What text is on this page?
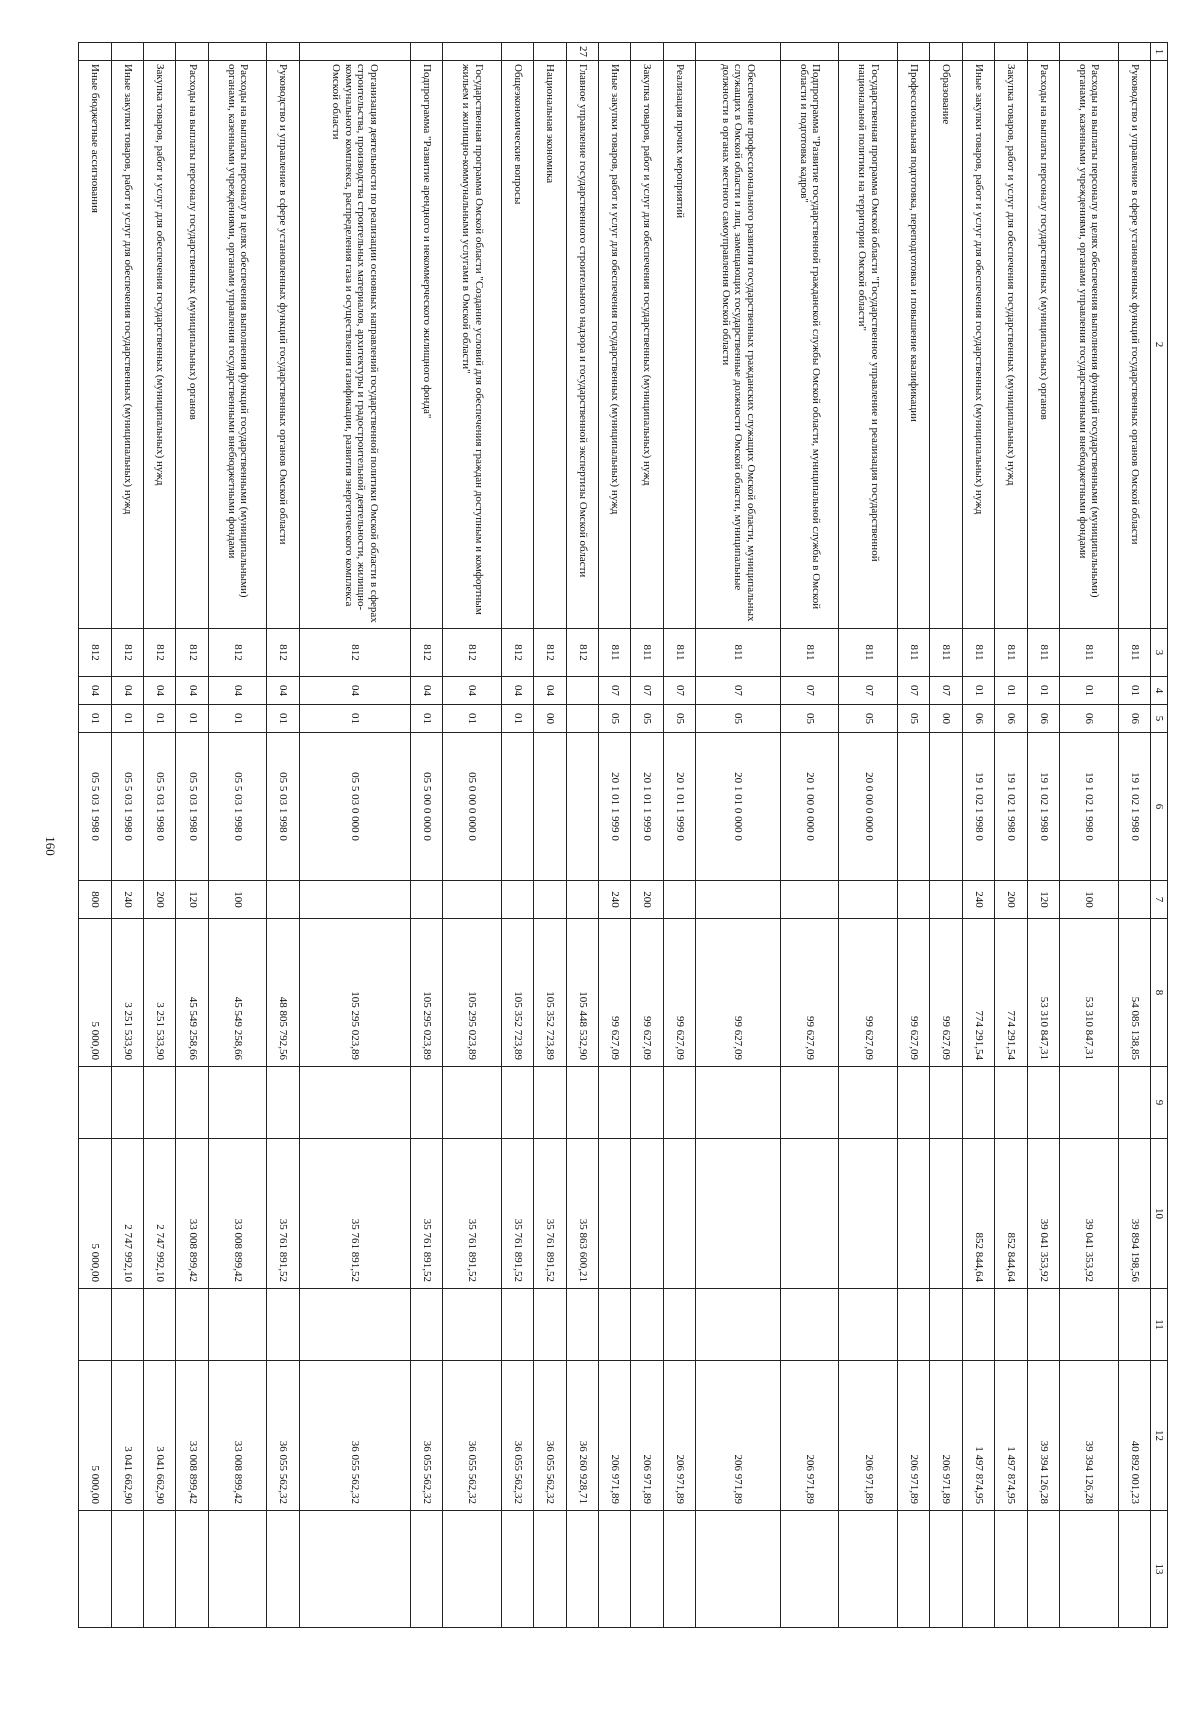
160
1	2	3	4	5	6	7	8	9	10	11	12	13
	Руководство и управление в сфере установленных функций государственных органов Омской области	811	01	06	19 1 02 1 998 0		54 085 138,85		39 894 198,56		40 892 001,23	
	Расходы на выплаты персоналу в целях обеспечения выполнения функций государственными (муниципальными) органами, казенными учреждениями, органами управления государственными внебюджетными фондами	811	01	06	19 1 02 1 998 0	100	53 310 847,31		39 041 353,92		39 394 126,28	
	Расходы на выплаты персоналу государственных (муниципальных) органов	811	01	06	19 1 02 1 998 0	120	53 310 847,31		39 041 353,92		39 394 126,28	
	Закупка товаров, работ и услуг для обеспечения государственных (муниципальных) нужд	811	01	06	19 1 02 1 998 0	200	774 291,54		852 844,64		1 497 874,95	
	Иные закупки товаров, работ и услуг для обеспечения государственных (муниципальных) нужд	811	01	06	19 1 02 1 998 0	240	774 291,54		852 844,64		1 497 874,95	
	Образование	811	07	00			99 627,09				206 971,89	
	Профессиональная подготовка, переподготовка и повышение квалификации	811	07	05			99 627,09				206 971,89	
	Государственная программа Омской области "Государственное управление и реализация государственной национальной политики на территории Омской области"	811	07	05	20 0 00 0 000 0		99 627,09				206 971,89	
	Подпрограмма "Развитие государственной гражданской службы Омской области, муниципальной службы в Омской области и подготовка кадров"	811	07	05	20 1 00 0 000 0		99 627,09				206 971,89	
	Обеспечение профессионального развития государственных гражданских служащих Омской области, муниципальных служащих в Омской области и лиц, замещающих государственные должности Омской области, муниципальные должности в органах местного самоуправления Омской области	811	07	05	20 1 01 0 000 0		99 627,09				206 971,89	
	Реализация прочих мероприятий	811	07	05	20 1 01 1 999 0		99 627,09				206 971,89	
	Закупка товаров, работ и услуг для обеспечения государственных (муниципальных) нужд	811	07	05	20 1 01 1 999 0	200	99 627,09				206 971,89	
	Иные закупки товаров, работ и услуг для обеспечения государственных (муниципальных) нужд	811	07	05	20 1 01 1 999 0	240	99 627,09				206 971,89	
27	Главное управление государственного строительного надзора и государственной экспертизы Омской области	812					105 448 532,90		35 863 600,21		36 260 928,71	
	Национальная экономика	812	04	00			105 352 723,89		35 761 891,52		36 055 562,32	
	Общеэкономические вопросы	812	04	01			105 352 723,89		35 761 891,52		36 055 562,32	
	Государственная программа Омской области "Создание условий для обеспечения граждан доступным и комфортным жильем и жилищно-коммунальными услугами в Омской области"	812	04	01	05 0 00 0 000 0		105 295 023,89		35 761 891,52		36 055 562,32	
	Подпрограмма "Развитие арендного и некоммерческого жилищного фонда"	812	04	01	05 5 00 0 000 0		105 295 023,89		35 761 891,52		36 055 562,32	
	Организация деятельности по реализации основных направлений государственной политики Омской области в сферах строительства, производства строительных материалов, архитектуры и градостроительной деятельности, жилищно-коммунального комплекса, распределения газа и осуществления газификации, развития энергетического комплекса Омской области	812	04	01	05 5 03 0 000 0		105 295 023,89		35 761 891,52		36 055 562,32	
	Руководство и управление в сфере установленных функций государственных органов Омской области	812	04	01	05 5 03 1 998 0		48 805 792,56		35 761 891,52		36 055 562,32	
	Расходы на выплаты персоналу в целях обеспечения выполнения функций государственными (муниципальными) органами, казенными учреждениями, органами управления государственными внебюджетными фондами	812	04	01	05 5 03 1 998 0	100	45 549 258,66		33 008 899,42		33 008 899,42	
	Расходы на выплаты персоналу государственных (муниципальных) органов	812	04	01	05 5 03 1 998 0	120	45 549 258,66		33 008 899,42		33 008 899,42	
	Закупка товаров, работ и услуг для обеспечения государственных (муниципальных) нужд	812	04	01	05 5 03 1 998 0	200	3 251 533,90		2 747 992,10		3 041 662,90	
	Иные закупки товаров, работ и услуг для обеспечения государственных (муниципальных) нужд	812	04	01	05 5 03 1 998 0	240	3 251 533,90		2 747 992,10		3 041 662,90	
	Иные бюджетные ассигнования	812	04	01	05 5 03 1 998 0	800	5 000,00		5 000,00		5 000,00	
